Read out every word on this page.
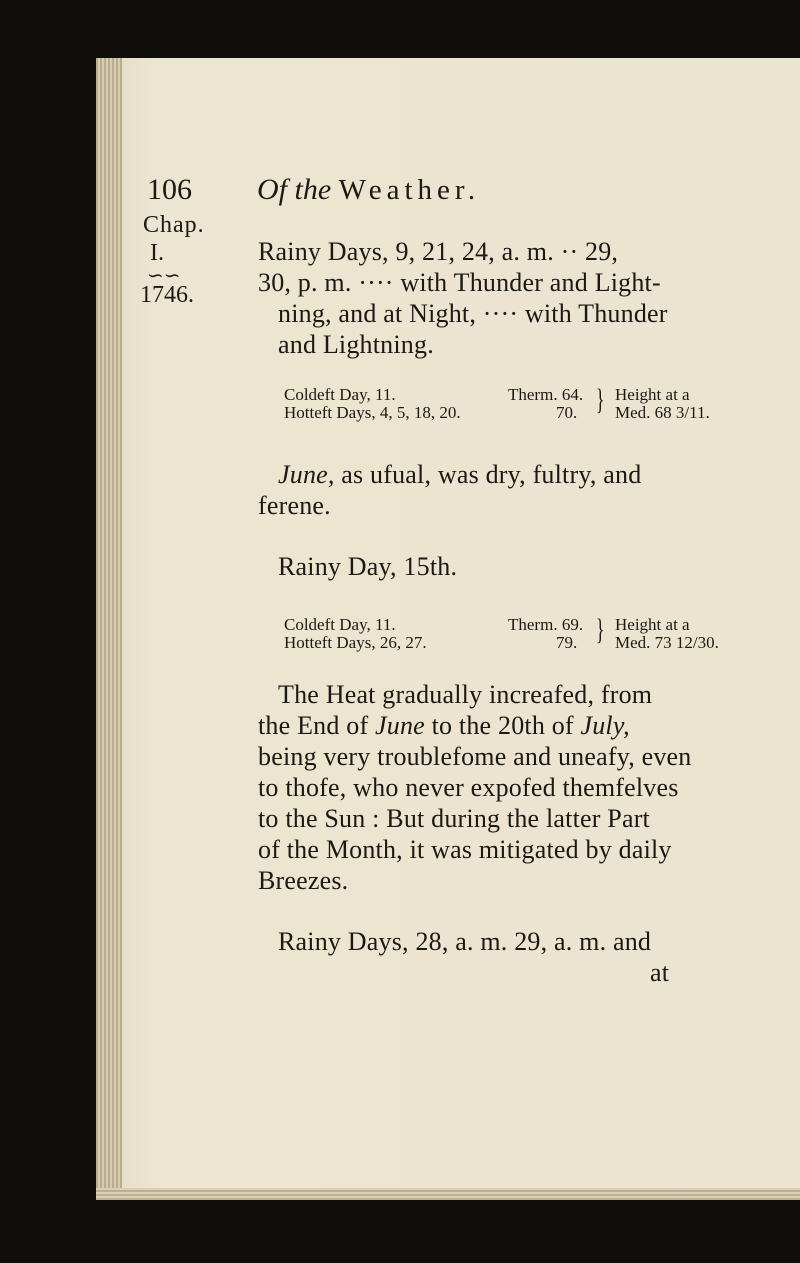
106 Of the Weather.
Chap.
I.
∽∽
1746.
Rainy Days, 9, 21, 24, a. m. ·· 29,
30, p. m. ···· with Thunder and Light-
ning, and at Night, ···· with Thunder
and Lightning.
Coldeft Day, 11.
Hotteft Days, 4, 5, 18, 20.
Therm. 64.
70. } Height at a
Med. 68 3/11.
June, as ufual, was dry, fultry, and
ferene.
Rainy Day, 15th.
Coldeft Day, 11.
Hotteft Days, 26, 27.
Therm. 69.
79. } Height at a
Med. 73 12/30.
The Heat gradually increafed, from
the End of June to the 20th of July,
being very troublefome and uneafy, even
to thofe, who never expofed themfelves
to the Sun : But during the latter Part
of the Month, it was mitigated by daily
Breezes.
Rainy Days, 28, a. m. 29, a. m. and
at
